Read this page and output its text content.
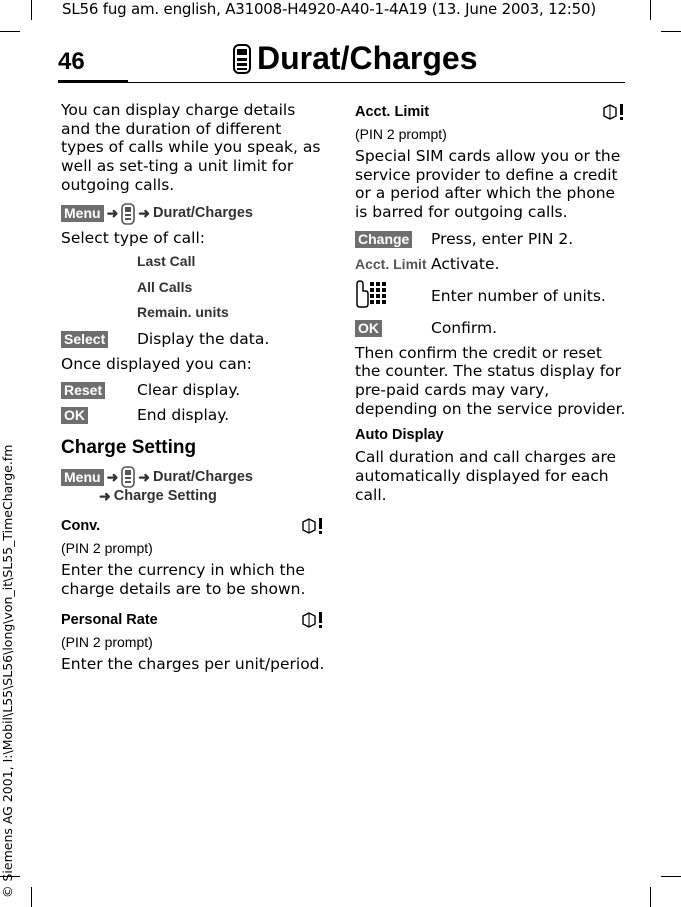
SL56 fug am. english, A31008-H4920-A40-1-4A19 (13. June 2003, 12:50)
© Siemens AG 2001, I:\Mobil\L55\SL56\long\von_it\SL55_TimeCharge.fm
46	Durat/Charges

You can display charge details and the duration of different types of calls while you speak, as well as set-ting a unit limit for outgoing calls.

Menu ➜ ➜ Durat/Charges

Select type of call:

Last Call
All Calls
Remain. units
Select	Display the data.

Once displayed you can:

Reset	Clear display.
OK	End display.
Charge Setting
Menu ➜ ➜ Durat/Charges
➜ Charge Setting
Conv.
(PIN 2 prompt)

Enter the currency in which the charge details are to be shown.

Personal Rate
(PIN 2 prompt)

Enter the charges per unit/period.

Acct. Limit
(PIN 2 prompt)

Special SIM cards allow you or the service provider to define a credit or a period after which the phone is barred for outgoing calls.

Change	Press, enter PIN 2.
Acct. Limit Activate.
Enter number of units.
OK	Confirm.

Then confirm the credit or reset the counter. The status display for pre-paid cards may vary, depending on the service provider.

Auto Display

Call duration and call charges are automatically displayed for each call.
